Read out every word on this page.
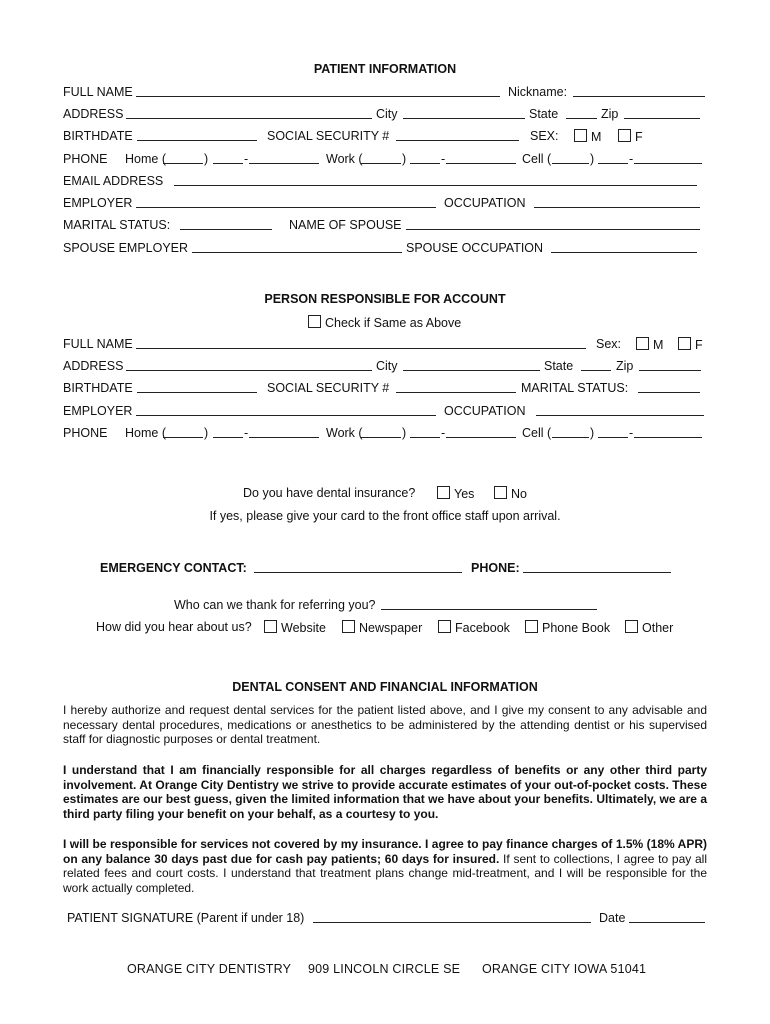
PATIENT INFORMATION
FULL NAME	Nickname:
ADDRESS	City	State	Zip
BIRTHDATE	SOCIAL SECURITY #	SEX:	M	F
PHONE Home (	)	-	Work (	)	-	Cell (	)	-
EMAIL ADDRESS
EMPLOYER	OCCUPATION
MARITAL STATUS:	NAME OF SPOUSE
SPOUSE EMPLOYER	SPOUSE OCCUPATION
PERSON RESPONSIBLE FOR ACCOUNT
Check if Same as Above
FULL NAME	Sex:	M	F
ADDRESS	City	State	Zip
BIRTHDATE	SOCIAL SECURITY #	MARITAL STATUS:
EMPLOYER	OCCUPATION
PHONE Home (	)	-	Work (	)	-	Cell (	)	-
Do you have dental insurance?	Yes	No
If yes, please give your card to the front office staff upon arrival.
EMERGENCY CONTACT:	PHONE:
Who can we thank for referring you?
How did you hear about us?	Website	Newspaper	Facebook	Phone Book	Other
DENTAL CONSENT AND FINANCIAL INFORMATION
I hereby authorize and request dental services for the patient listed above, and I give my consent to any advisable and necessary dental procedures, medications or anesthetics to be administered by the attending dentist or his supervised staff for diagnostic purposes or dental treatment.
I understand that I am financially responsible for all charges regardless of benefits or any other third party involvement. At Orange City Dentistry we strive to provide accurate estimates of your out-of-pocket costs. These estimates are our best guess, given the limited information that we have about your benefits. Ultimately, we are a third party filing your benefit on your behalf, as a courtesy to you.
I will be responsible for services not covered by my insurance. I agree to pay finance charges of 1.5% (18% APR) on any balance 30 days past due for cash pay patients; 60 days for insured. If sent to collections, I agree to pay all related fees and court costs. I understand that treatment plans change mid-treatment, and I will be responsible for the work actually completed.
PATIENT SIGNATURE (Parent if under 18)	Date
ORANGE CITY DENTISTRY 909 LINCOLN CIRCLE SE ORANGE CITY IOWA 51041
